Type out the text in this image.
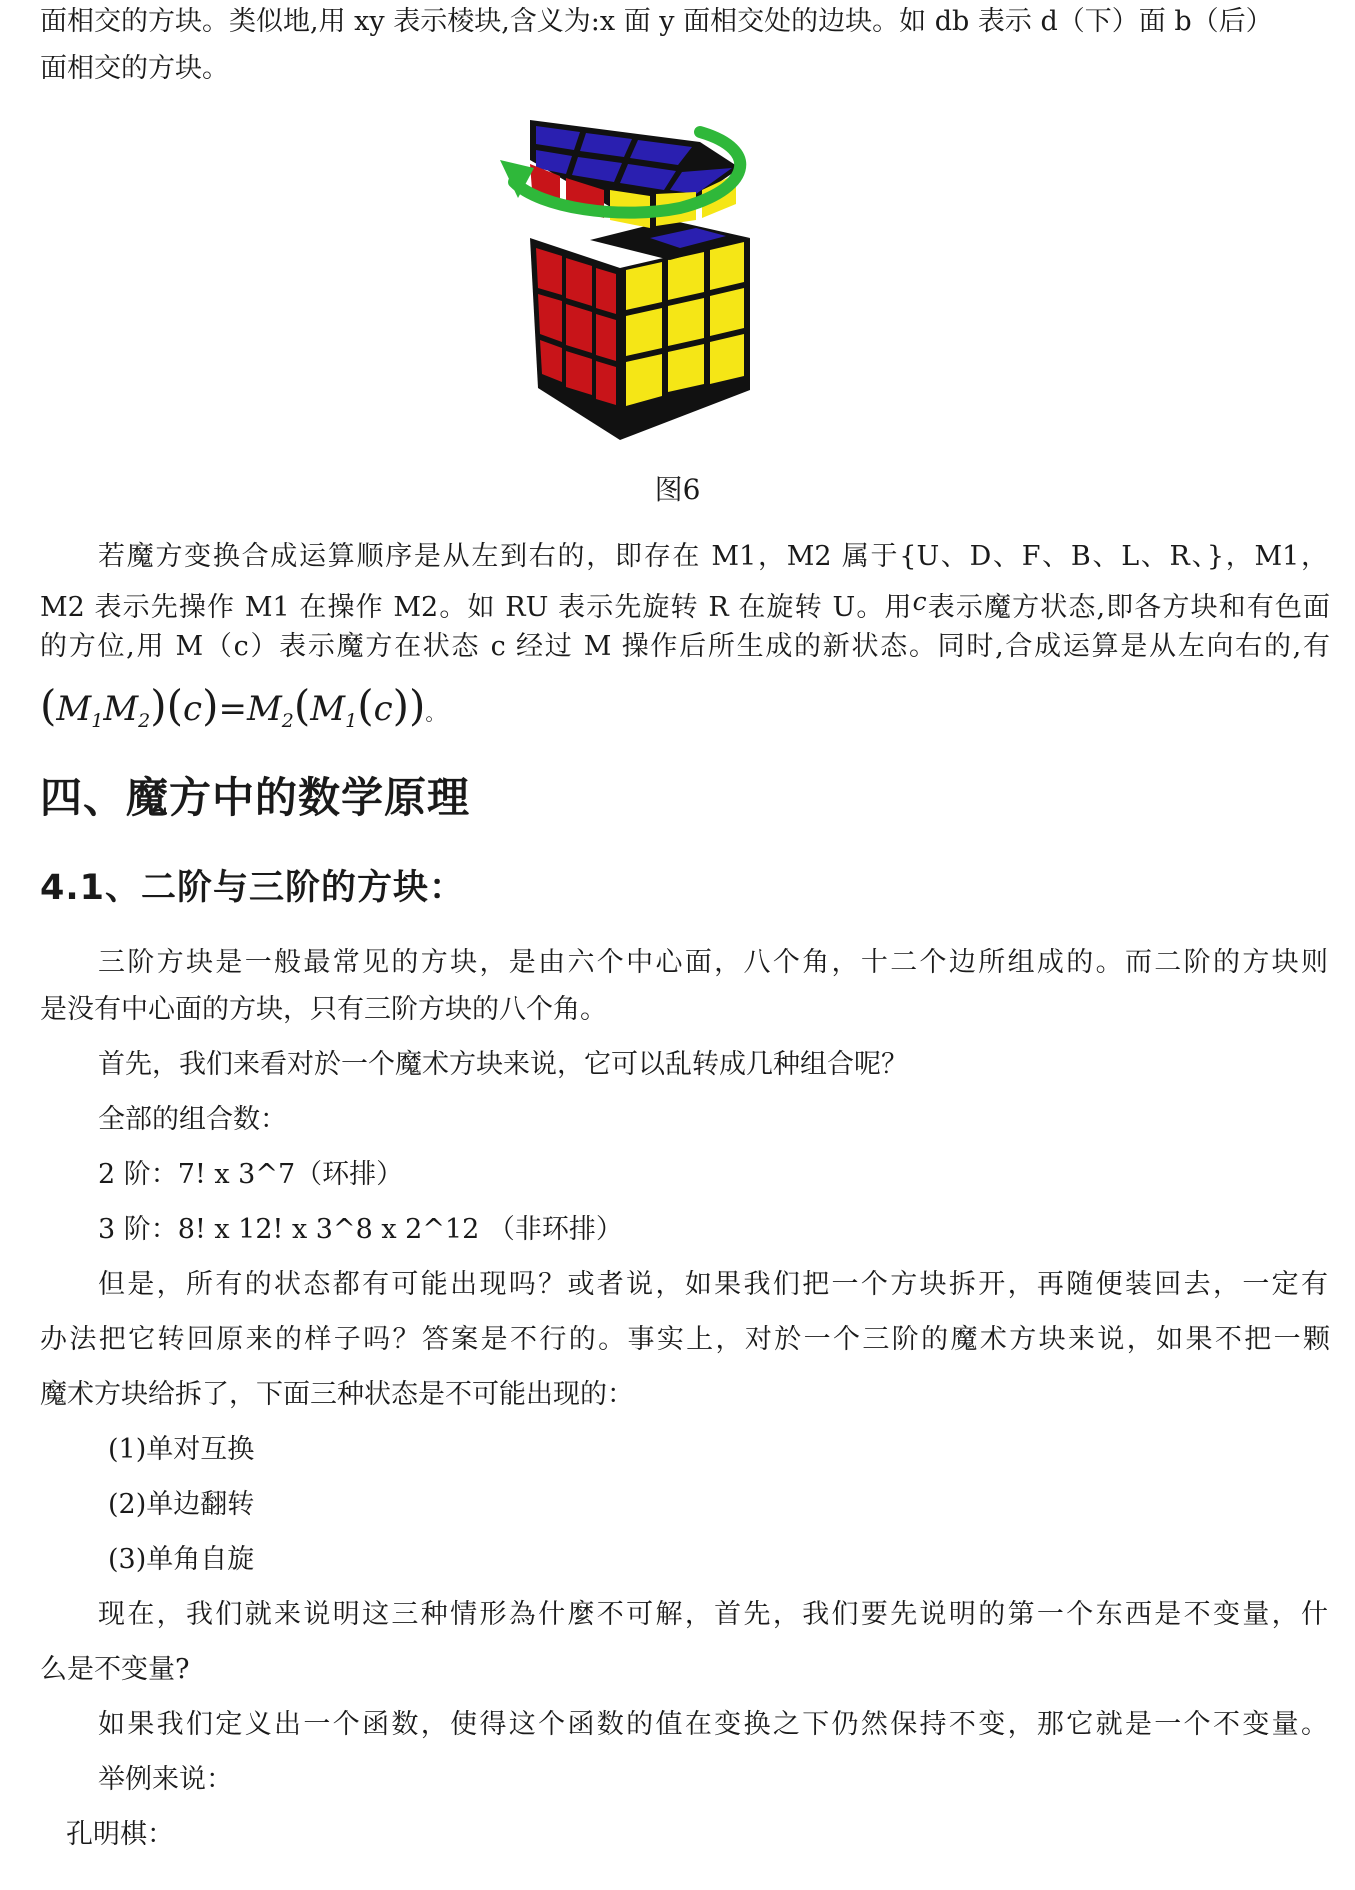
面相交的方块。类似地,用 xy 表示棱块,含义为:x 面 y 面相交处的边块。如 db 表示 d（下）面 b（后）
面相交的方块。
图6
若魔方变换合成运算顺序是从左到右的，即存在 M1，M2 属于{U、D、F、B、L、R、}，M1，
M2 表示先操作 M1 在操作 M2。如 RU 表示先旋转 R 在旋转 U。用c表示魔方状态,即各方块和有色面
的方位,用 M（c）表示魔方在状态 c 经过 M 操作后所生成的新状态。同时,合成运算是从左向右的,有
$(M_1M_2)(c)=M_2(M_1(c))$。
四、魔方中的数学原理
4.1、二阶与三阶的方块：
三阶方块是一般最常见的方块，是由六个中心面，八个角，十二个边所组成的。而二阶的方块则
是没有中心面的方块，只有三阶方块的八个角。
首先，我们来看对於一个魔术方块来说，它可以乱转成几种组合呢？
全部的组合数：
2 阶：7! x 3^7（环排）
3 阶：8! x 12! x 3^8 x 2^12 （非环排）
但是，所有的状态都有可能出现吗？或者说，如果我们把一个方块拆开，再随便装回去，一定有
办法把它转回原来的样子吗？答案是不行的。事实上，对於一个三阶的魔术方块来说，如果不把一颗
魔术方块给拆了，下面三种状态是不可能出现的：
(1)单对互换
(2)单边翻转
(3)单角自旋
现在，我们就来说明这三种情形為什麼不可解，首先，我们要先说明的第一个东西是不变量，什
么是不变量?
如果我们定义出一个函数，使得这个函数的值在变换之下仍然保持不变，那它就是一个不变量。
举例来说：
孔明棋：
